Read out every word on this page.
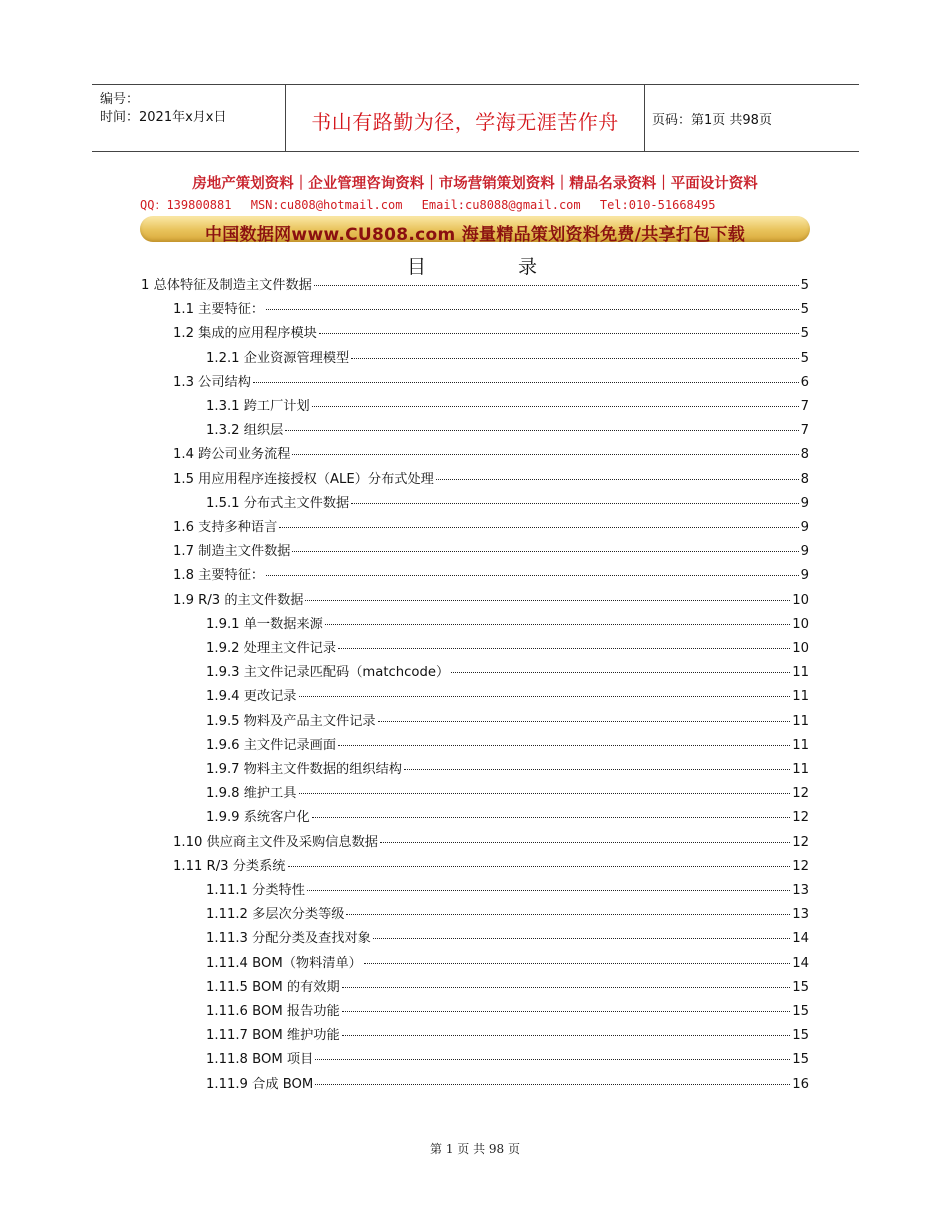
编号：
时间：2021年x月x日	书山有路勤为径，学海无涯苦作舟	页码：第1页 共98页
房地产策划资料｜企业管理咨询资料｜市场营销策划资料｜精品名录资料｜平面设计资料
QQ：139800881 MSN:cu808@hotmail.com Email:cu8088@gmail.com Tel:010-51668495
中国数据网www.CU808.com 海量精品策划资料免费/共享打包下载
目	录
1 总体特征及制造主文件数据	5
1.1 主要特征：	5
1.2 集成的应用程序模块	5
1.2.1 企业资源管理模型	5
1.3 公司结构	6
1.3.1 跨工厂计划	7
1.3.2 组织层	7
1.4 跨公司业务流程	8
1.5 用应用程序连接授权（ALE）分布式处理	8
1.5.1 分布式主文件数据	9
1.6 支持多种语言	9
1.7 制造主文件数据	9
1.8 主要特征：	9
1.9 R/3 的主文件数据	10
1.9.1 单一数据来源	10
1.9.2 处理主文件记录	10
1.9.3 主文件记录匹配码（matchcode）	11
1.9.4 更改记录	11
1.9.5 物料及产品主文件记录	11
1.9.6 主文件记录画面	11
1.9.7 物料主文件数据的组织结构	11
1.9.8 维护工具	12
1.9.9 系统客户化	12
1.10 供应商主文件及采购信息数据	12
1.11 R/3 分类系统	12
1.11.1 分类特性	13
1.11.2 多层次分类等级	13
1.11.3 分配分类及查找对象	14
1.11.4 BOM（物料清单）	14
1.11.5 BOM 的有效期	15
1.11.6 BOM 报告功能	15
1.11.7 BOM 维护功能	15
1.11.8 BOM 项目	15
1.11.9 合成 BOM	16
第 1 页 共 98 页
